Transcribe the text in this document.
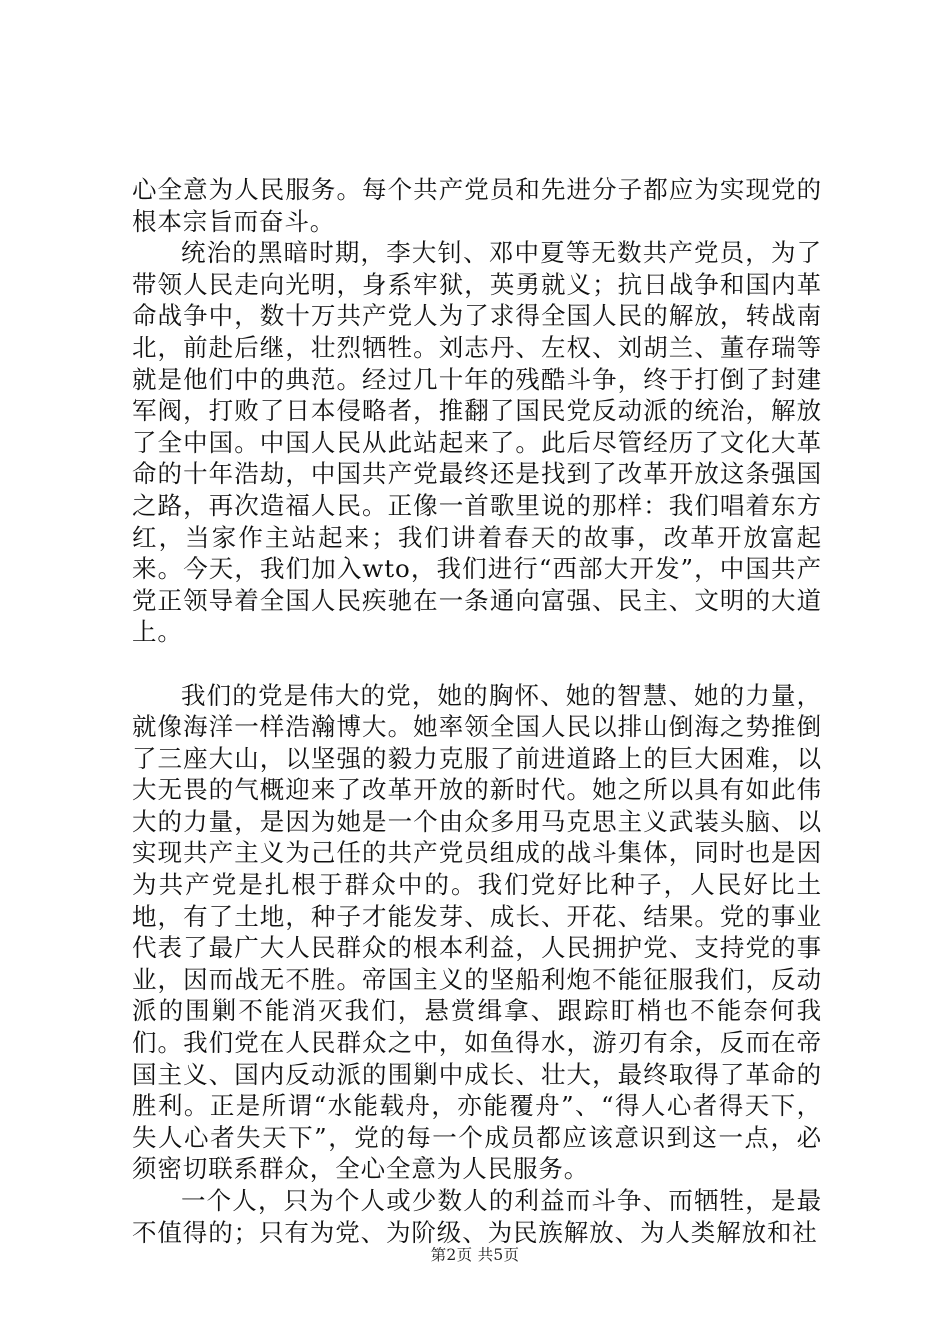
心全意为人民服务。每个共产党员和先进分子都应为实现党的根本宗旨而奋斗。

统治的黑暗时期，李大钊、邓中夏等无数共产党员，为了带领人民走向光明，身系牢狱，英勇就义；抗日战争和国内革命战争中，数十万共产党人为了求得全国人民的解放，转战南北，前赴后继，壮烈牺牲。刘志丹、左权、刘胡兰、董存瑞等就是他们中的典范。经过几十年的残酷斗争，终于打倒了封建军阀，打败了日本侵略者，推翻了国民党反动派的统治，解放了全中国。中国人民从此站起来了。此后尽管经历了文化大革命的十年浩劫，中国共产党最终还是找到了改革开放这条强国之路，再次造福人民。正像一首歌里说的那样：我们唱着东方红，当家作主站起来；我们讲着春天的故事，改革开放富起来。今天，我们加入wto，我们进行“西部大开发”，中国共产党正领导着全国人民疾驰在一条通向富强、民主、文明的大道上。

我们的党是伟大的党，她的胸怀、她的智慧、她的力量，就像海洋一样浩瀚博大。她率领全国人民以排山倒海之势推倒了三座大山，以坚强的毅力克服了前进道路上的巨大困难，以大无畏的气概迎来了改革开放的新时代。她之所以具有如此伟大的力量，是因为她是一个由众多用马克思主义武装头脑、以实现共产主义为己任的共产党员组成的战斗集体，同时也是因为共产党是扎根于群众中的。我们党好比种子，人民好比土地，有了土地，种子才能发芽、成长、开花、结果。党的事业代表了最广大人民群众的根本利益，人民拥护党、支持党的事业，因而战无不胜。帝国主义的坚船利炮不能征服我们，反动派的围剿不能消灭我们，悬赏缉拿、跟踪盯梢也不能奈何我们。我们党在人民群众之中，如鱼得水，游刃有余，反而在帝国主义、国内反动派的围剿中成长、壮大，最终取得了革命的胜利。正是所谓“水能载舟，亦能覆舟”、“得人心者得天下，失人心者失天下”，党的每一个成员都应该意识到这一点，必须密切联系群众，全心全意为人民服务。

一个人，只为个人或少数人的利益而斗争、而牺牲，是最不值得的；只有为党、为阶级、为民族解放、为人类解放和社

第2页 共5页
